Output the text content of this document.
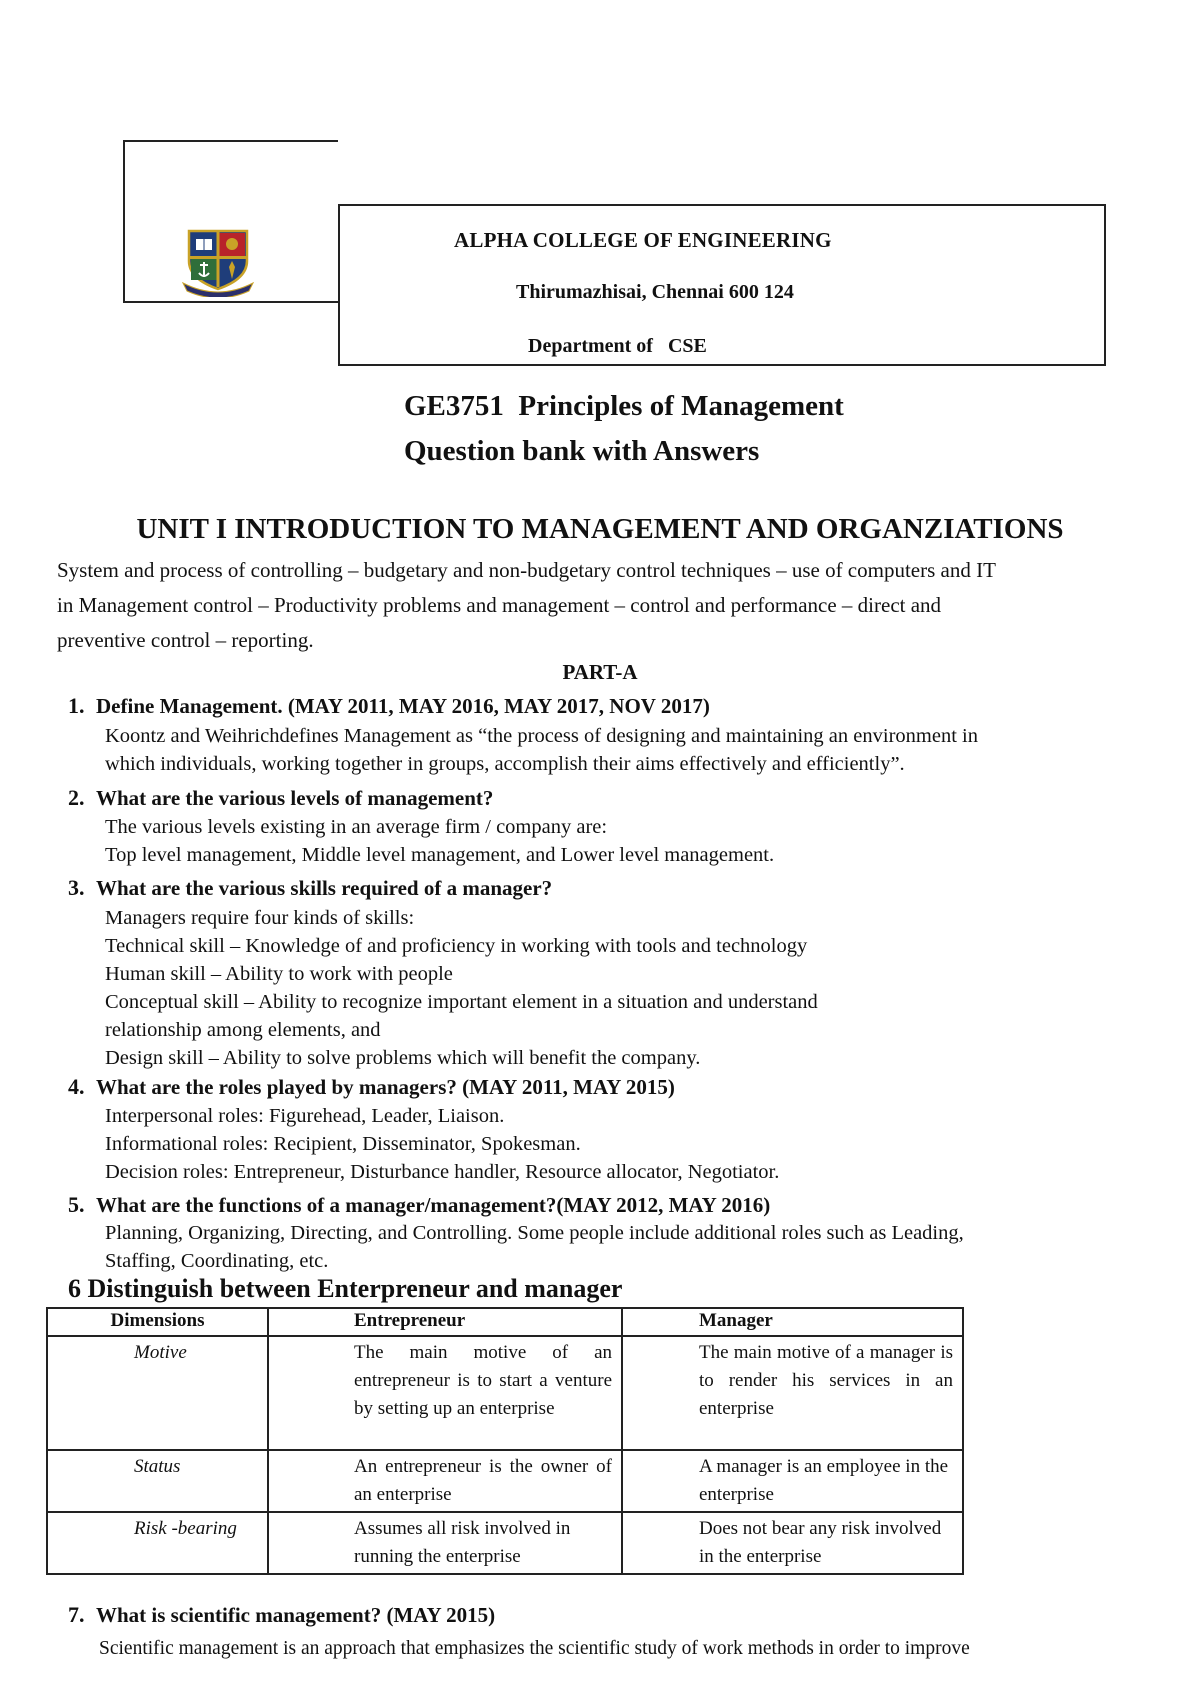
ALPHA COLLEGE OF ENGINEERING
Thirumazhisai, Chennai 600 124
Department of   CSE
GE3751  Principles of Management
Question bank with Answers
UNIT I INTRODUCTION TO MANAGEMENT AND ORGANZIATIONS
System and process of controlling – budgetary and non-budgetary control techniques – use of computers and IT
in Management control – Productivity problems and management – control and performance – direct and
preventive control – reporting.
PART-A
1. Define Management. (MAY 2011, MAY 2016, MAY 2017, NOV 2017)
Koontz and Weihrichdefines Management as “the process of designing and maintaining an environment in
which individuals, working together in groups, accomplish their aims effectively and efficiently”.
2. What are the various levels of management?
The various levels existing in an average firm / company are:
Top level management, Middle level management, and Lower level management.
3. What are the various skills required of a manager?
Managers require four kinds of skills:
Technical skill – Knowledge of and proficiency in working with tools and technology
Human skill – Ability to work with people
Conceptual skill – Ability to recognize important element in a situation and understand
relationship among elements, and
Design skill – Ability to solve problems which will benefit the company.
4. What are the roles played by managers? (MAY 2011, MAY 2015)
Interpersonal roles: Figurehead, Leader, Liaison.
Informational roles: Recipient, Disseminator, Spokesman.
Decision roles: Entrepreneur, Disturbance handler, Resource allocator, Negotiator.
5. What are the functions of a manager/management?(MAY 2012, MAY 2016)
Planning, Organizing, Directing, and Controlling. Some people include additional roles such as Leading,
Staffing, Coordinating, etc.
6 Distinguish between Enterpreneur and manager
Dimensions	Entrepreneur	Manager
Motive	The main motive of an entrepreneur is to start a venture by setting up an enterprise	The main motive of a manager is to render his services in an enterprise
Status	An entrepreneur is the owner of an enterprise	A manager is an employee in the enterprise
Risk -bearing	Assumes all risk involved in running the enterprise	Does not bear any risk involved in the enterprise
7. What is scientific management? (MAY 2015)
Scientific management is an approach that emphasizes the scientific study of work methods in order to improve
